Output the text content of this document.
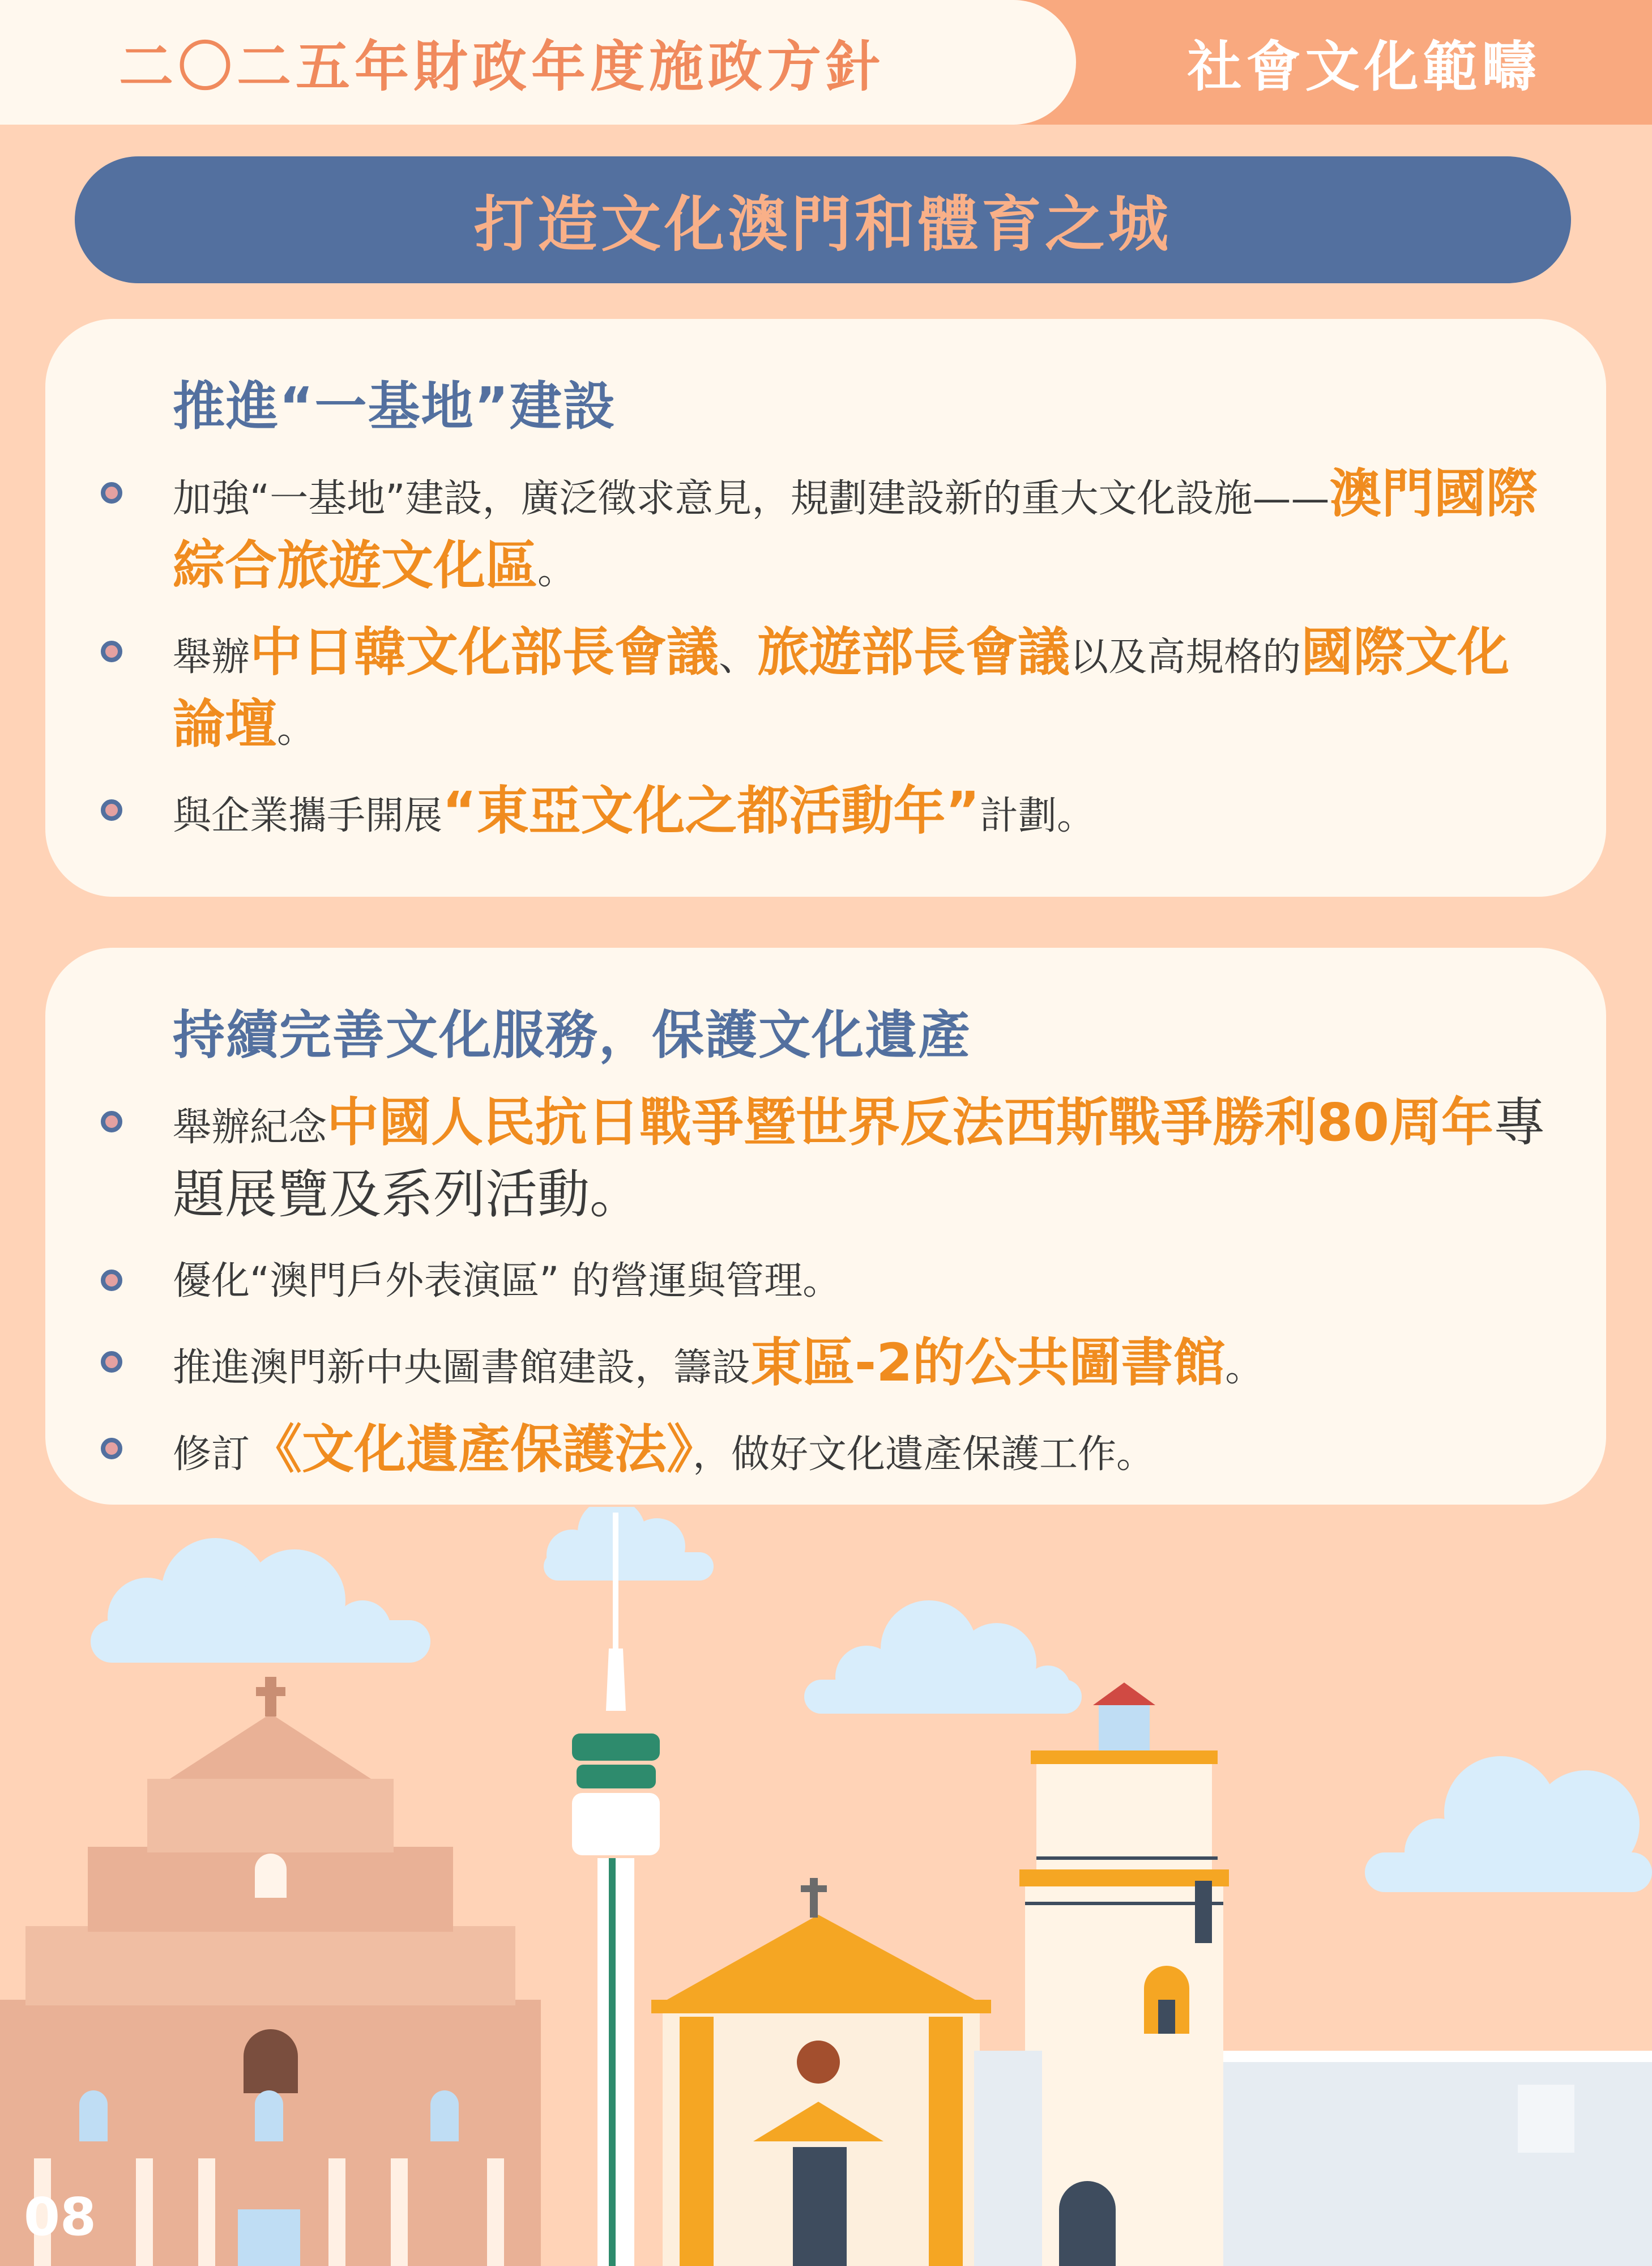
二〇二五年財政年度施政方針	社會文化範疇
打造文化澳門和體育之城
推進“一基地”建設
加強“一基地”建設，廣泛徵求意見，規劃建設新的重大文化設施——澳門國際綜合旅遊文化區。
舉辦中日韓文化部長會議、旅遊部長會議以及高規格的國際文化論壇。
與企業攜手開展“東亞文化之都活動年”計劃。
持續完善文化服務，保護文化遺產
舉辦紀念中國人民抗日戰爭暨世界反法西斯戰爭勝利80周年專題展覽及系列活動。
優化“澳門戶外表演區” 的營運與管理。
推進澳門新中央圖書館建設，籌設東區-2的公共圖書館。
修訂《文化遺產保護法》，做好文化遺產保護工作。
08
